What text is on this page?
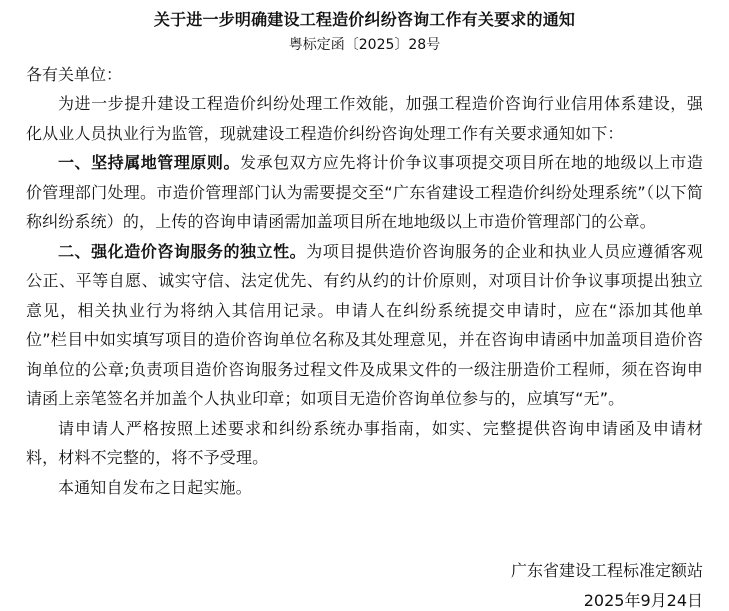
关于进一步明确建设工程造价纠纷咨询工作有关要求的通知
粤标定函〔2025〕28号
各有关单位：

为进一步提升建设工程造价纠纷处理工作效能，加强工程造价咨询行业信用体系建设，强化从业人员执业行为监管，现就建设工程造价纠纷咨询处理工作有关要求通知如下：

一、坚持属地管理原则。发承包双方应先将计价争议事项提交项目所在地的地级以上市造价管理部门处理。市造价管理部门认为需要提交至“广东省建设工程造价纠纷处理系统”（以下简称纠纷系统）的，上传的咨询申请函需加盖项目所在地地级以上市造价管理部门的公章。

二、强化造价咨询服务的独立性。为项目提供造价咨询服务的企业和执业人员应遵循客观公正、平等自愿、诚实守信、法定优先、有约从约的计价原则，对项目计价争议事项提出独立意见，相关执业行为将纳入其信用记录。申请人在纠纷系统提交申请时，应在“添加其他单位”栏目中如实填写项目的造价咨询单位名称及其处理意见，并在咨询申请函中加盖项目造价咨询单位的公章;负责项目造价咨询服务过程文件及成果文件的一级注册造价工程师，须在咨询申请函上亲笔签名并加盖个人执业印章；如项目无造价咨询单位参与的，应填写“无”。

请申请人严格按照上述要求和纠纷系统办事指南，如实、完整提供咨询申请函及申请材料，材料不完整的，将不予受理。

本通知自发布之日起实施。

广东省建设工程标准定额站
2025年9月24日
